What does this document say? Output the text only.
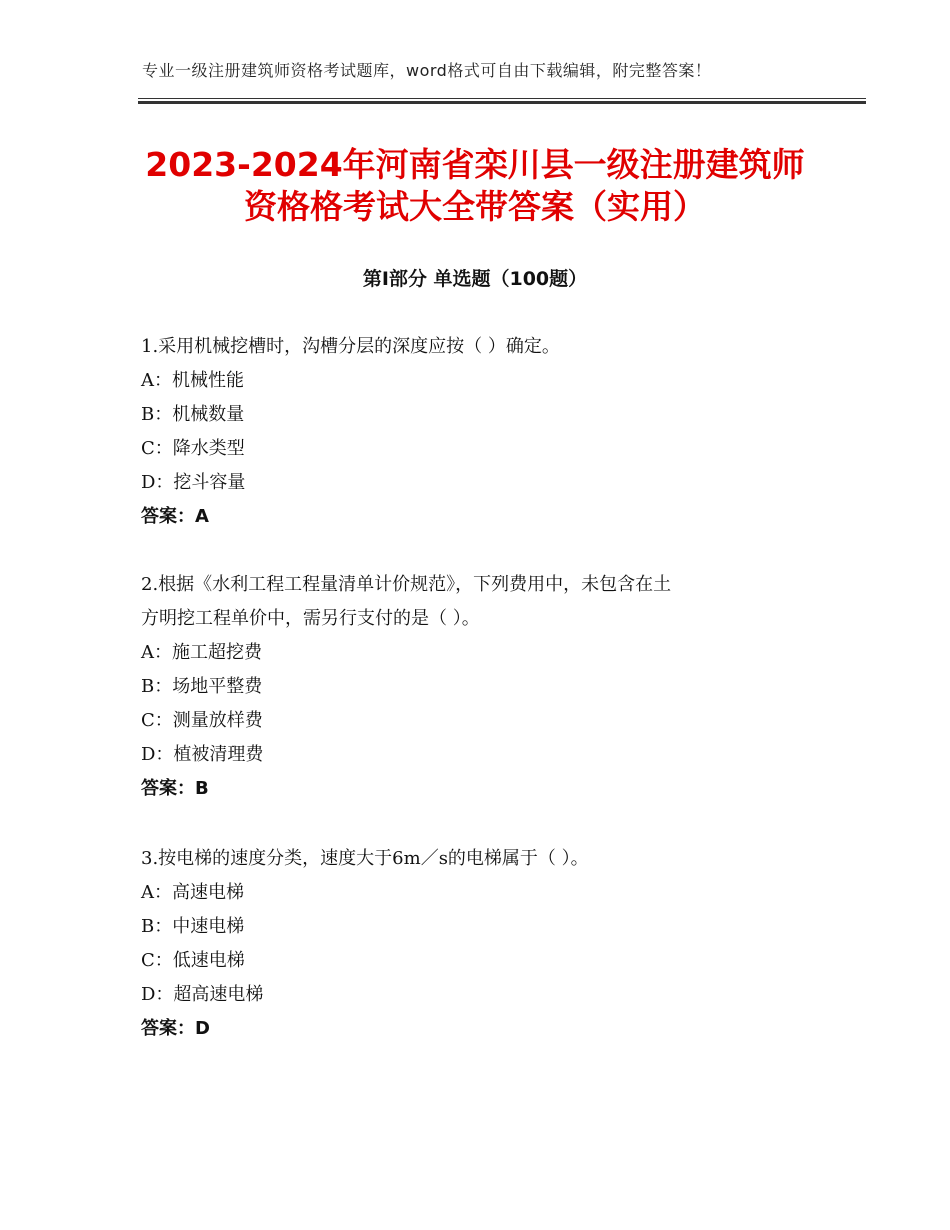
专业一级注册建筑师资格考试题库，word格式可自由下载编辑，附完整答案！
2023-2024年河南省栾川县一级注册建筑师
资格格考试大全带答案（实用）
第Ⅰ部分 单选题（100题）

1.采用机械挖槽时，沟槽分层的深度应按（ ）确定。

A：机械性能

B：机械数量

C：降水类型

D：挖斗容量

答案：A

2.根据《水利工程工程量清单计价规范》，下列费用中，未包含在土

方明挖工程单价中，需另行支付的是（ ）。

A：施工超挖费

B：场地平整费

C：测量放样费

D：植被清理费

答案：B

3.按电梯的速度分类，速度大于6m／s的电梯属于（ ）。

A：高速电梯

B：中速电梯

C：低速电梯

D：超高速电梯

答案：D
